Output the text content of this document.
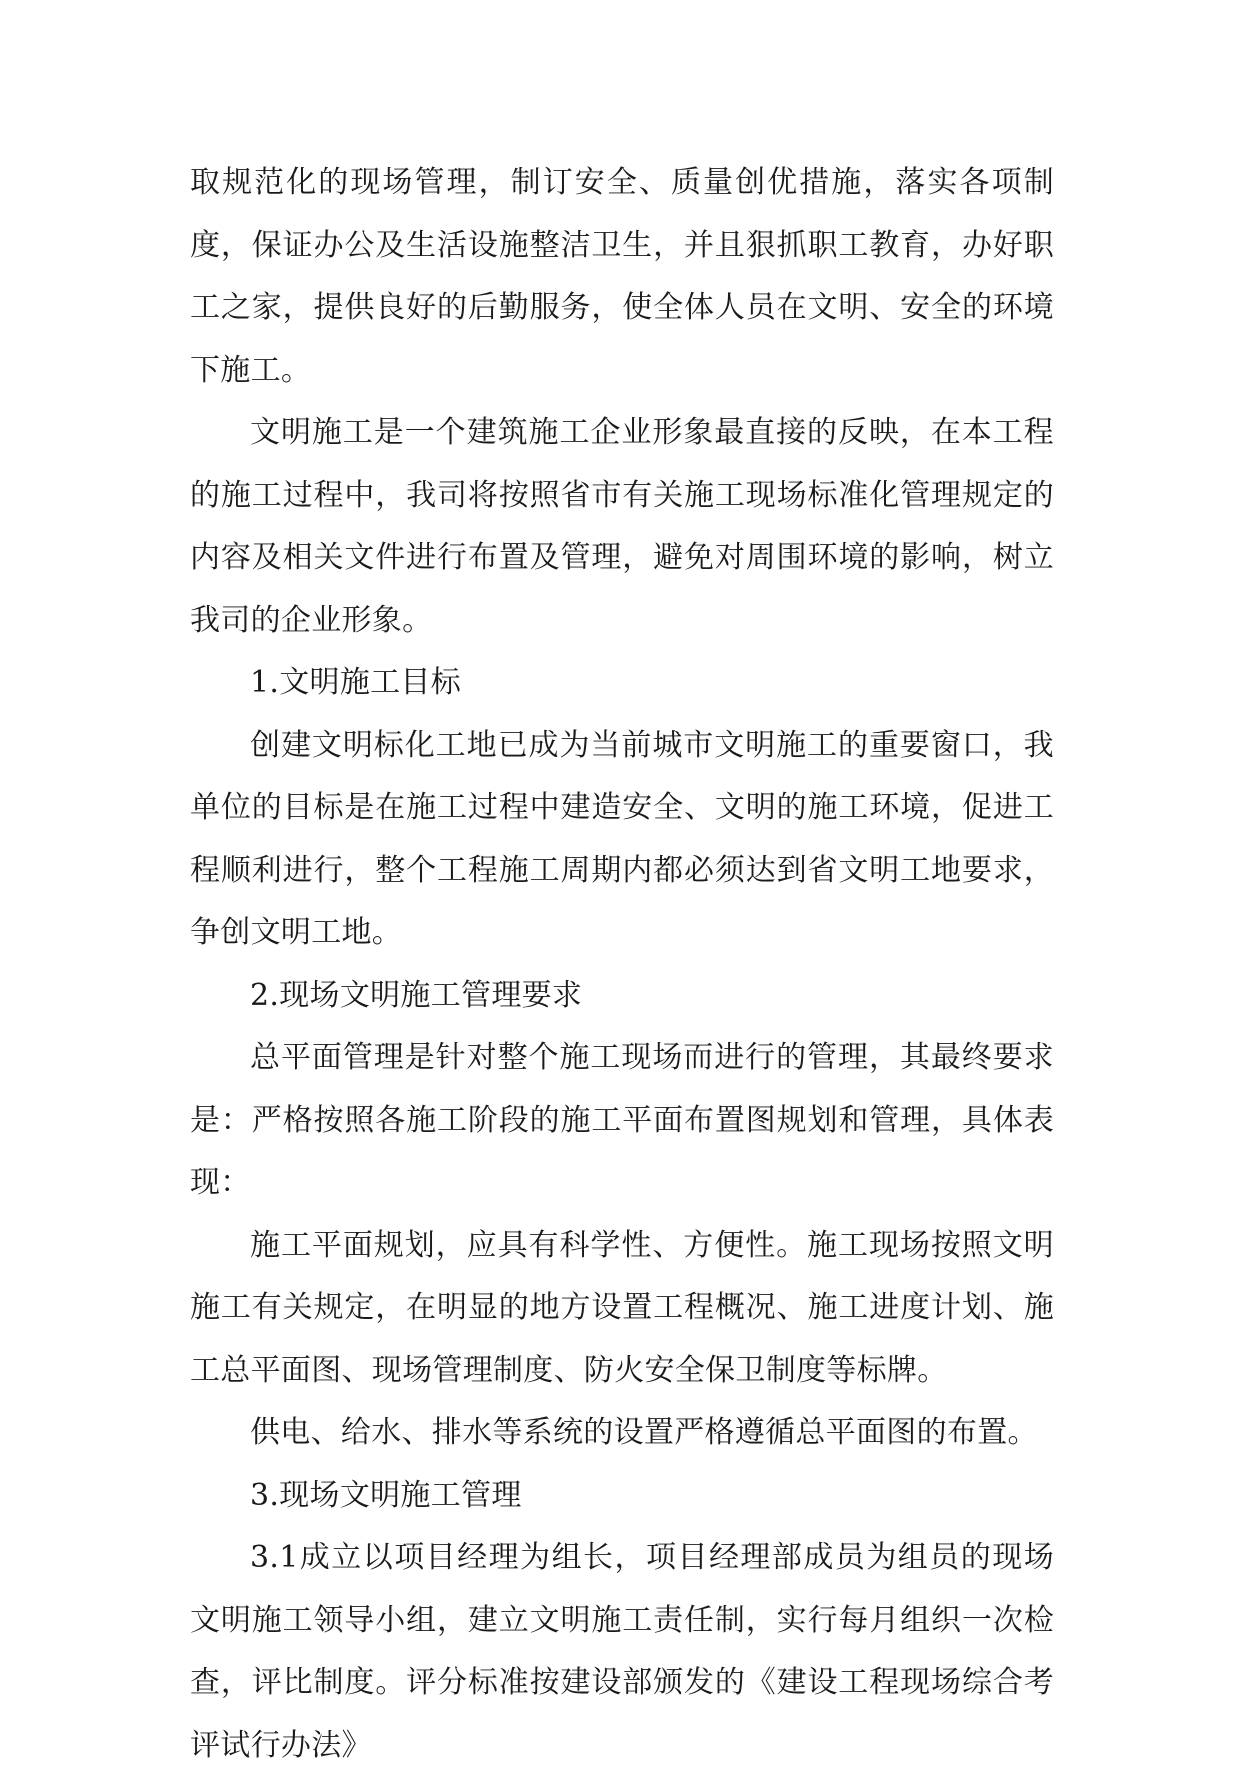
取规范化的现场管理，制订安全、质量创优措施，落实各项制度，保证办公及生活设施整洁卫生，并且狠抓职工教育，办好职工之家，提供良好的后勤服务，使全体人员在文明、安全的环境下施工。

文明施工是一个建筑施工企业形象最直接的反映，在本工程的施工过程中，我司将按照省市有关施工现场标准化管理规定的内容及相关文件进行布置及管理，避免对周围环境的影响，树立我司的企业形象。

1.文明施工目标

创建文明标化工地已成为当前城市文明施工的重要窗口，我单位的目标是在施工过程中建造安全、文明的施工环境，促进工程顺利进行，整个工程施工周期内都必须达到省文明工地要求，争创文明工地。

2.现场文明施工管理要求

总平面管理是针对整个施工现场而进行的管理，其最终要求是：严格按照各施工阶段的施工平面布置图规划和管理，具体表现：

施工平面规划，应具有科学性、方便性。施工现场按照文明施工有关规定，在明显的地方设置工程概况、施工进度计划、施工总平面图、现场管理制度、防火安全保卫制度等标牌。

供电、给水、排水等系统的设置严格遵循总平面图的布置。

3.现场文明施工管理

3.1成立以项目经理为组长，项目经理部成员为组员的现场文明施工领导小组，建立文明施工责任制，实行每月组织一次检查，评比制度。评分标准按建设部颁发的《建设工程现场综合考评试行办法》
